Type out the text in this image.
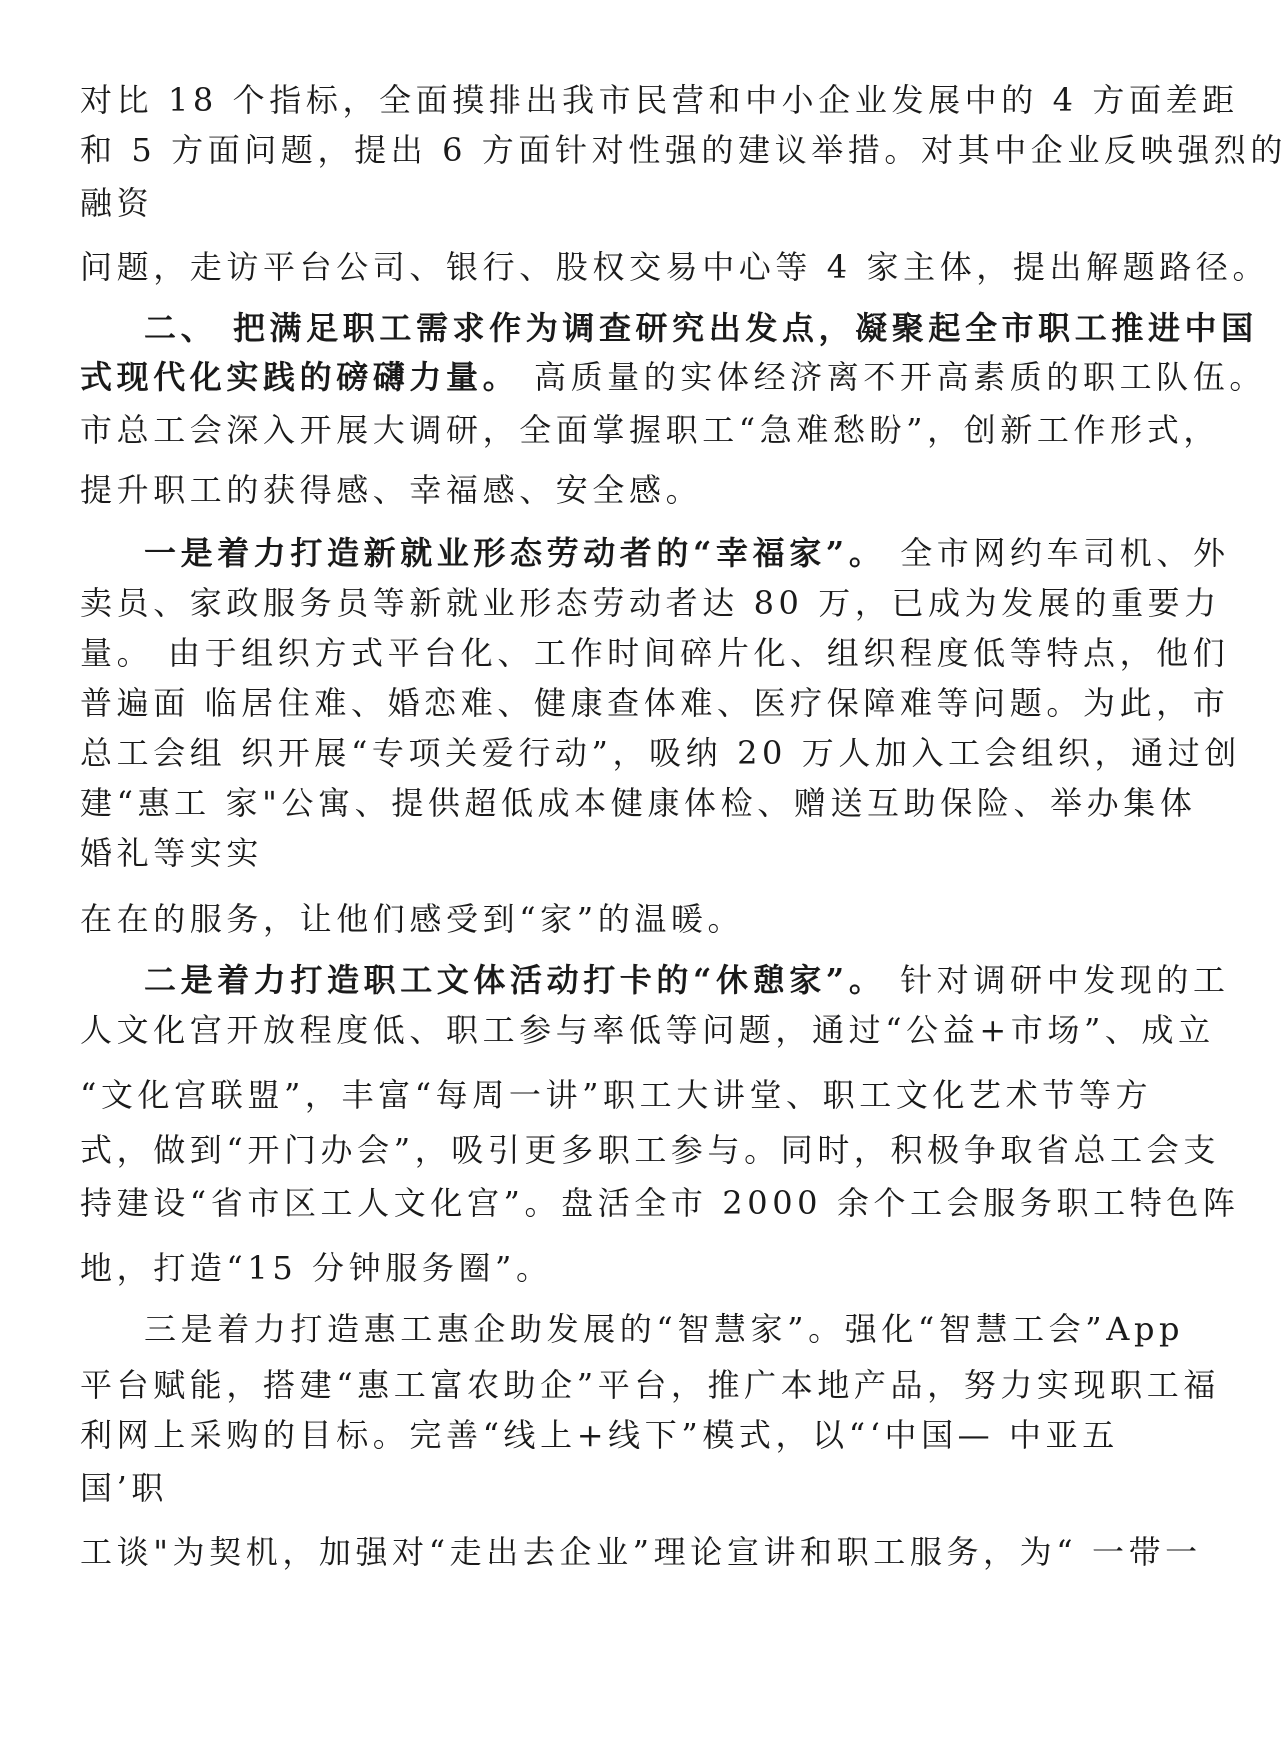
对比 18 个指标，全面摸排出我市民营和中小企业发展中的 4 方面差距
和 5 方面问题，提出 6 方面针对性强的建议举措。对其中企业反映强烈的
融资
问题，走访平台公司、银行、股权交易中心等 4 家主体，提出解题路径。
二、 把满足职工需求作为调查研究出发点，凝聚起全市职工推进中国
式现代化实践的磅礴力量。 高质量的实体经济离不开高素质的职工队伍。
市总工会深入开展大调研，全面掌握职工“急难愁盼”，创新工作形式，
提升职工的获得感、幸福感、安全感。
一是着力打造新就业形态劳动者的“幸福家”。 全市网约车司机、外
卖员、家政服务员等新就业形态劳动者达 80 万，已成为发展的重要力
量。 由于组织方式平台化、工作时间碎片化、组织程度低等特点，他们
普遍面 临居住难、婚恋难、健康查体难、医疗保障难等问题。为此，市
总工会组 织开展“专项关爱行动”，吸纳 20 万人加入工会组织，通过创
建“惠工 家"公寓、提供超低成本健康体检、赠送互助保险、举办集体
婚礼等实实
在在的服务，让他们感受到“家”的温暖。
二是着力打造职工文体活动打卡的“休憩家”。 针对调研中发现的工
人文化宫开放程度低、职工参与率低等问题，通过“公益+市场”、成立
“文化宫联盟”，丰富“每周一讲”职工大讲堂、职工文化艺术节等方
式，做到“开门办会”，吸引更多职工参与。同时，积极争取省总工会支
持建设“省市区工人文化宫”。盘活全市 2000 余个工会服务职工特色阵
地，打造“15 分钟服务圈”。
三是着力打造惠工惠企助发展的“智慧家”。强化“智慧工会”App
平台赋能，搭建“惠工富农助企”平台，推广本地产品，努力实现职工福
利网上采购的目标。完善“线上+线下”模式，以“‘中国— 中亚五
国’职
工谈"为契机，加强对“走出去企业”理论宣讲和职工服务，为“ 一带一
